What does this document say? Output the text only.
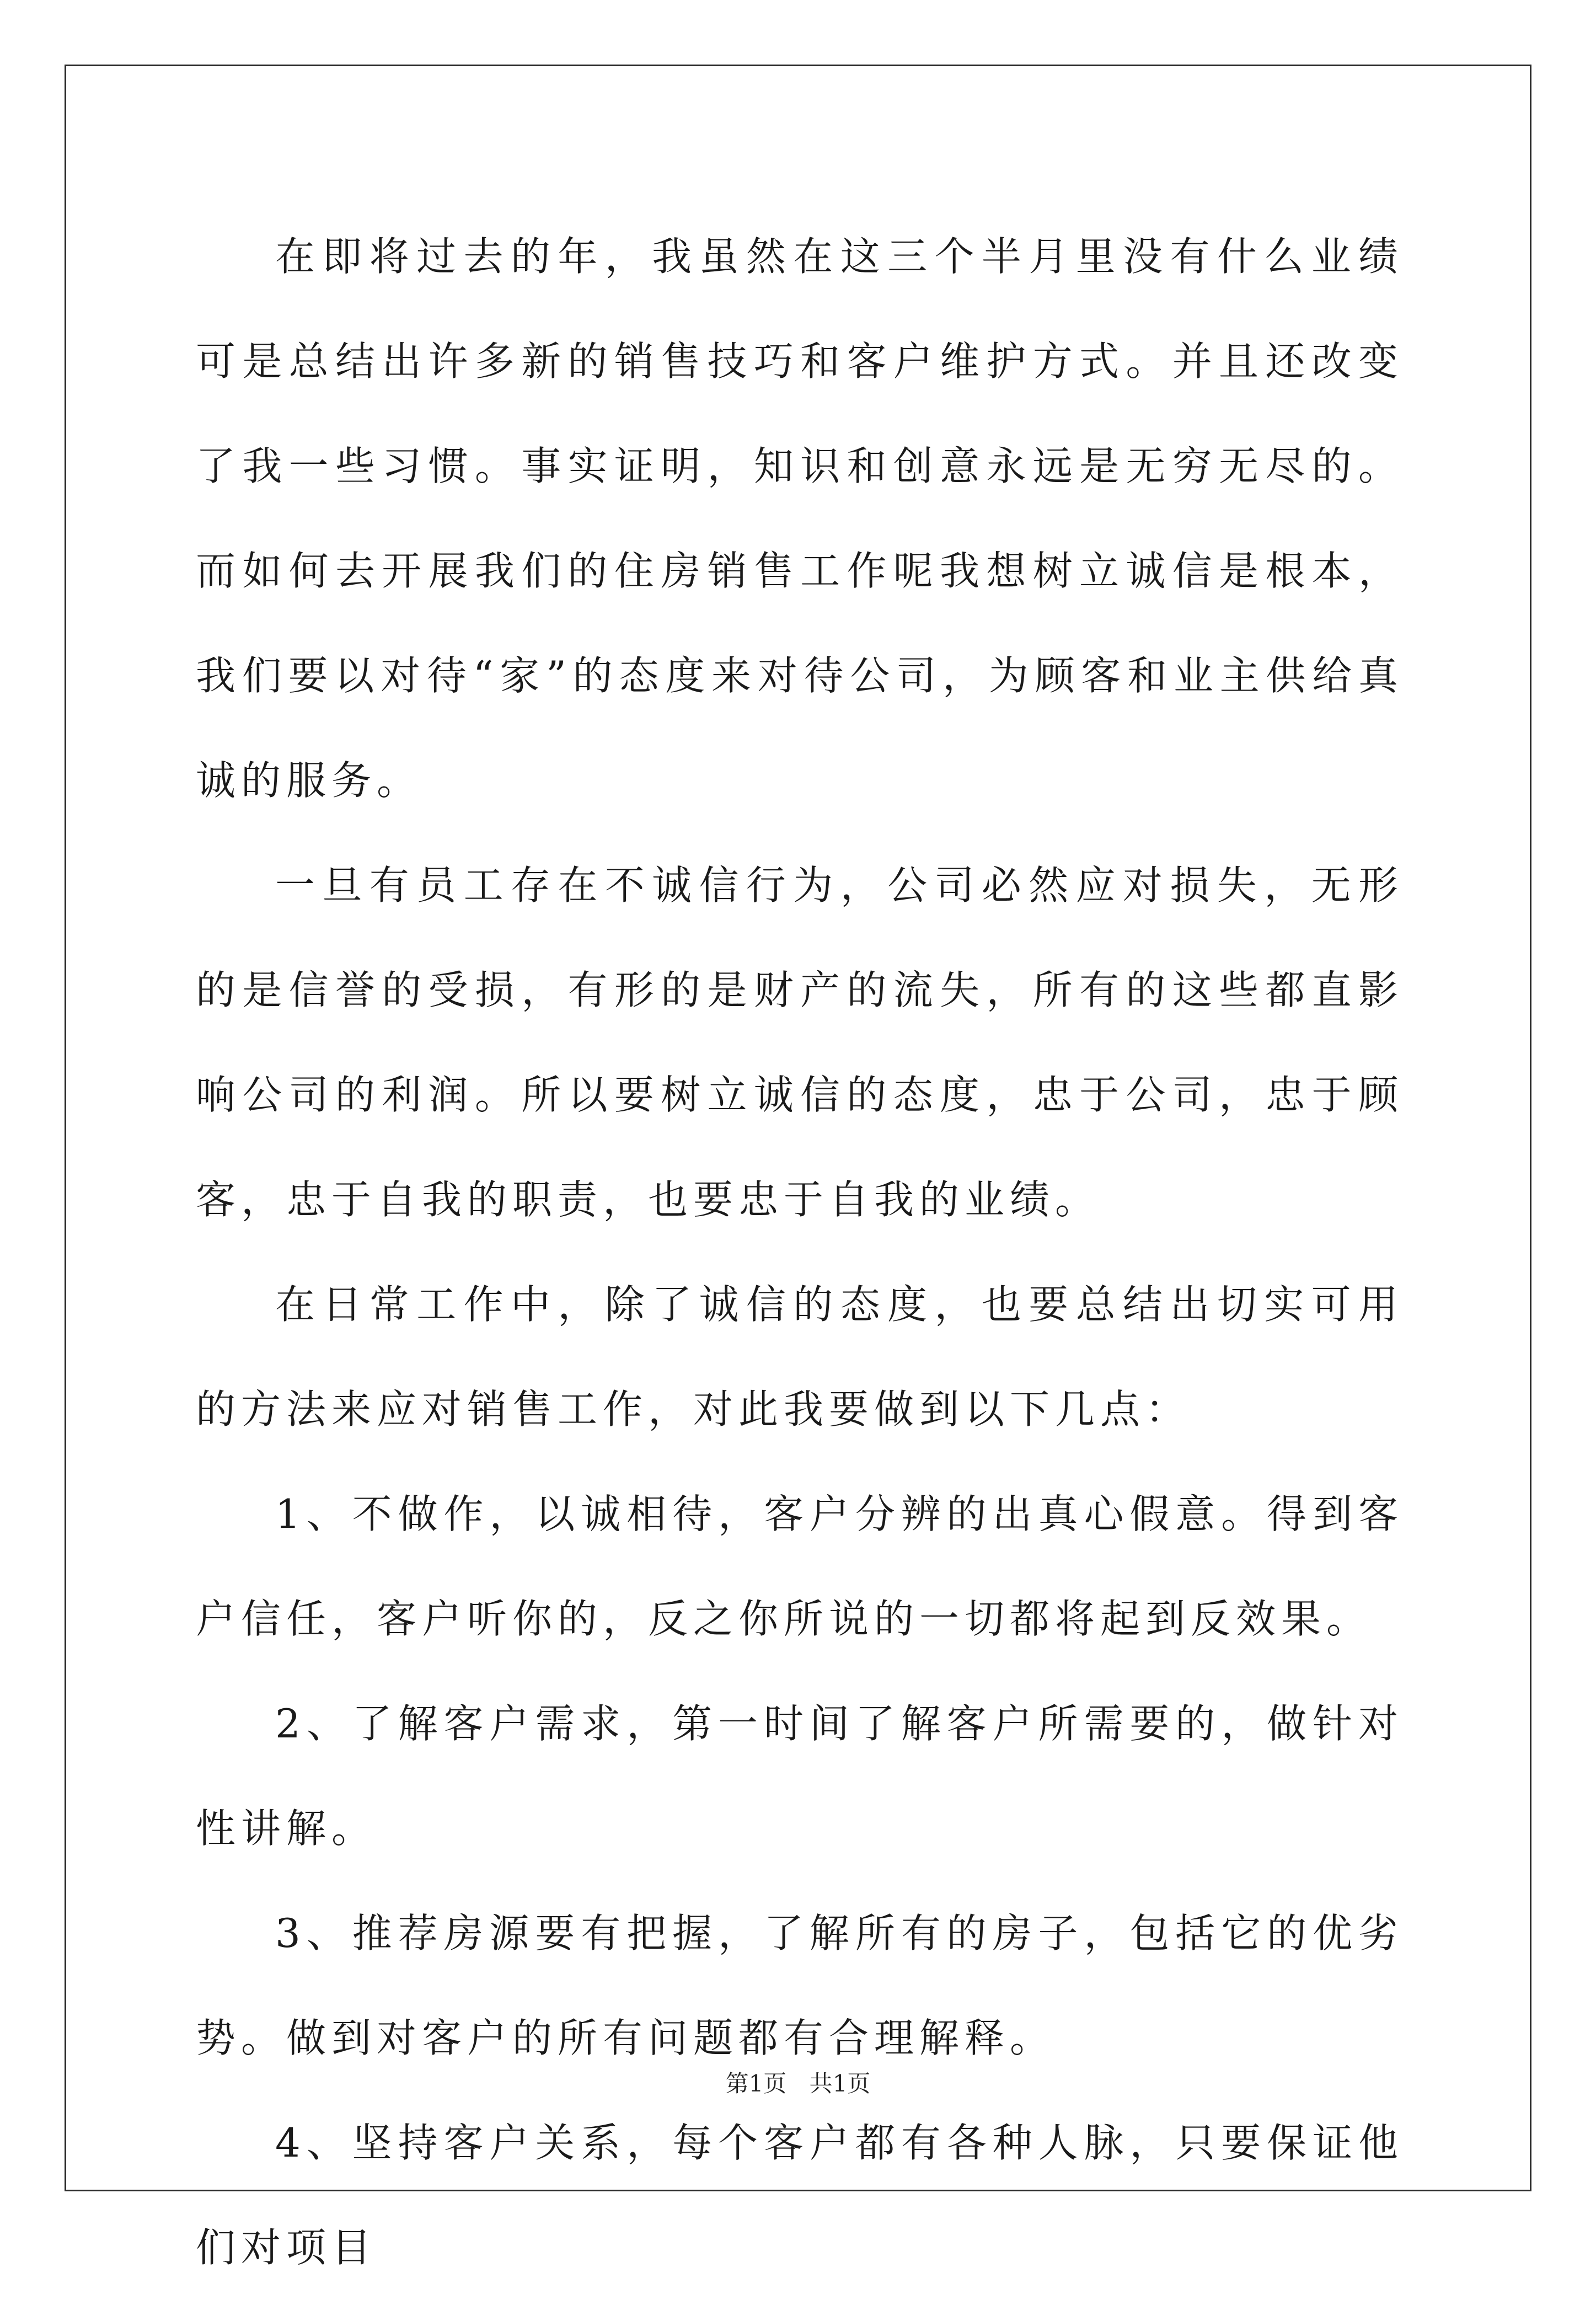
在即将过去的年，我虽然在这三个半月里没有什么业绩可是总结出许多新的销售技巧和客户维护方式。并且还改变了我一些习惯。事实证明，知识和创意永远是无穷无尽的。而如何去开展我们的住房销售工作呢我想树立诚信是根本，我们要以对待“家”的态度来对待公司，为顾客和业主供给真诚的服务。

一旦有员工存在不诚信行为，公司必然应对损失，无形的是信誉的受损，有形的是财产的流失，所有的这些都直影响公司的利润。所以要树立诚信的态度，忠于公司，忠于顾客，忠于自我的职责，也要忠于自我的业绩。

在日常工作中，除了诚信的态度，也要总结出切实可用的方法来应对销售工作，对此我要做到以下几点：

1、不做作，以诚相待，客户分辨的出真心假意。得到客户信任，客户听你的，反之你所说的一切都将起到反效果。

2、了解客户需求，第一时间了解客户所需要的，做针对性讲解。

3、推荐房源要有把握，了解所有的房子，包括它的优劣势。做到对客户的所有问题都有合理解释。

4、坚持客户关系，每个客户都有各种人脉，只要保证他们对项目

第1页 共1页
